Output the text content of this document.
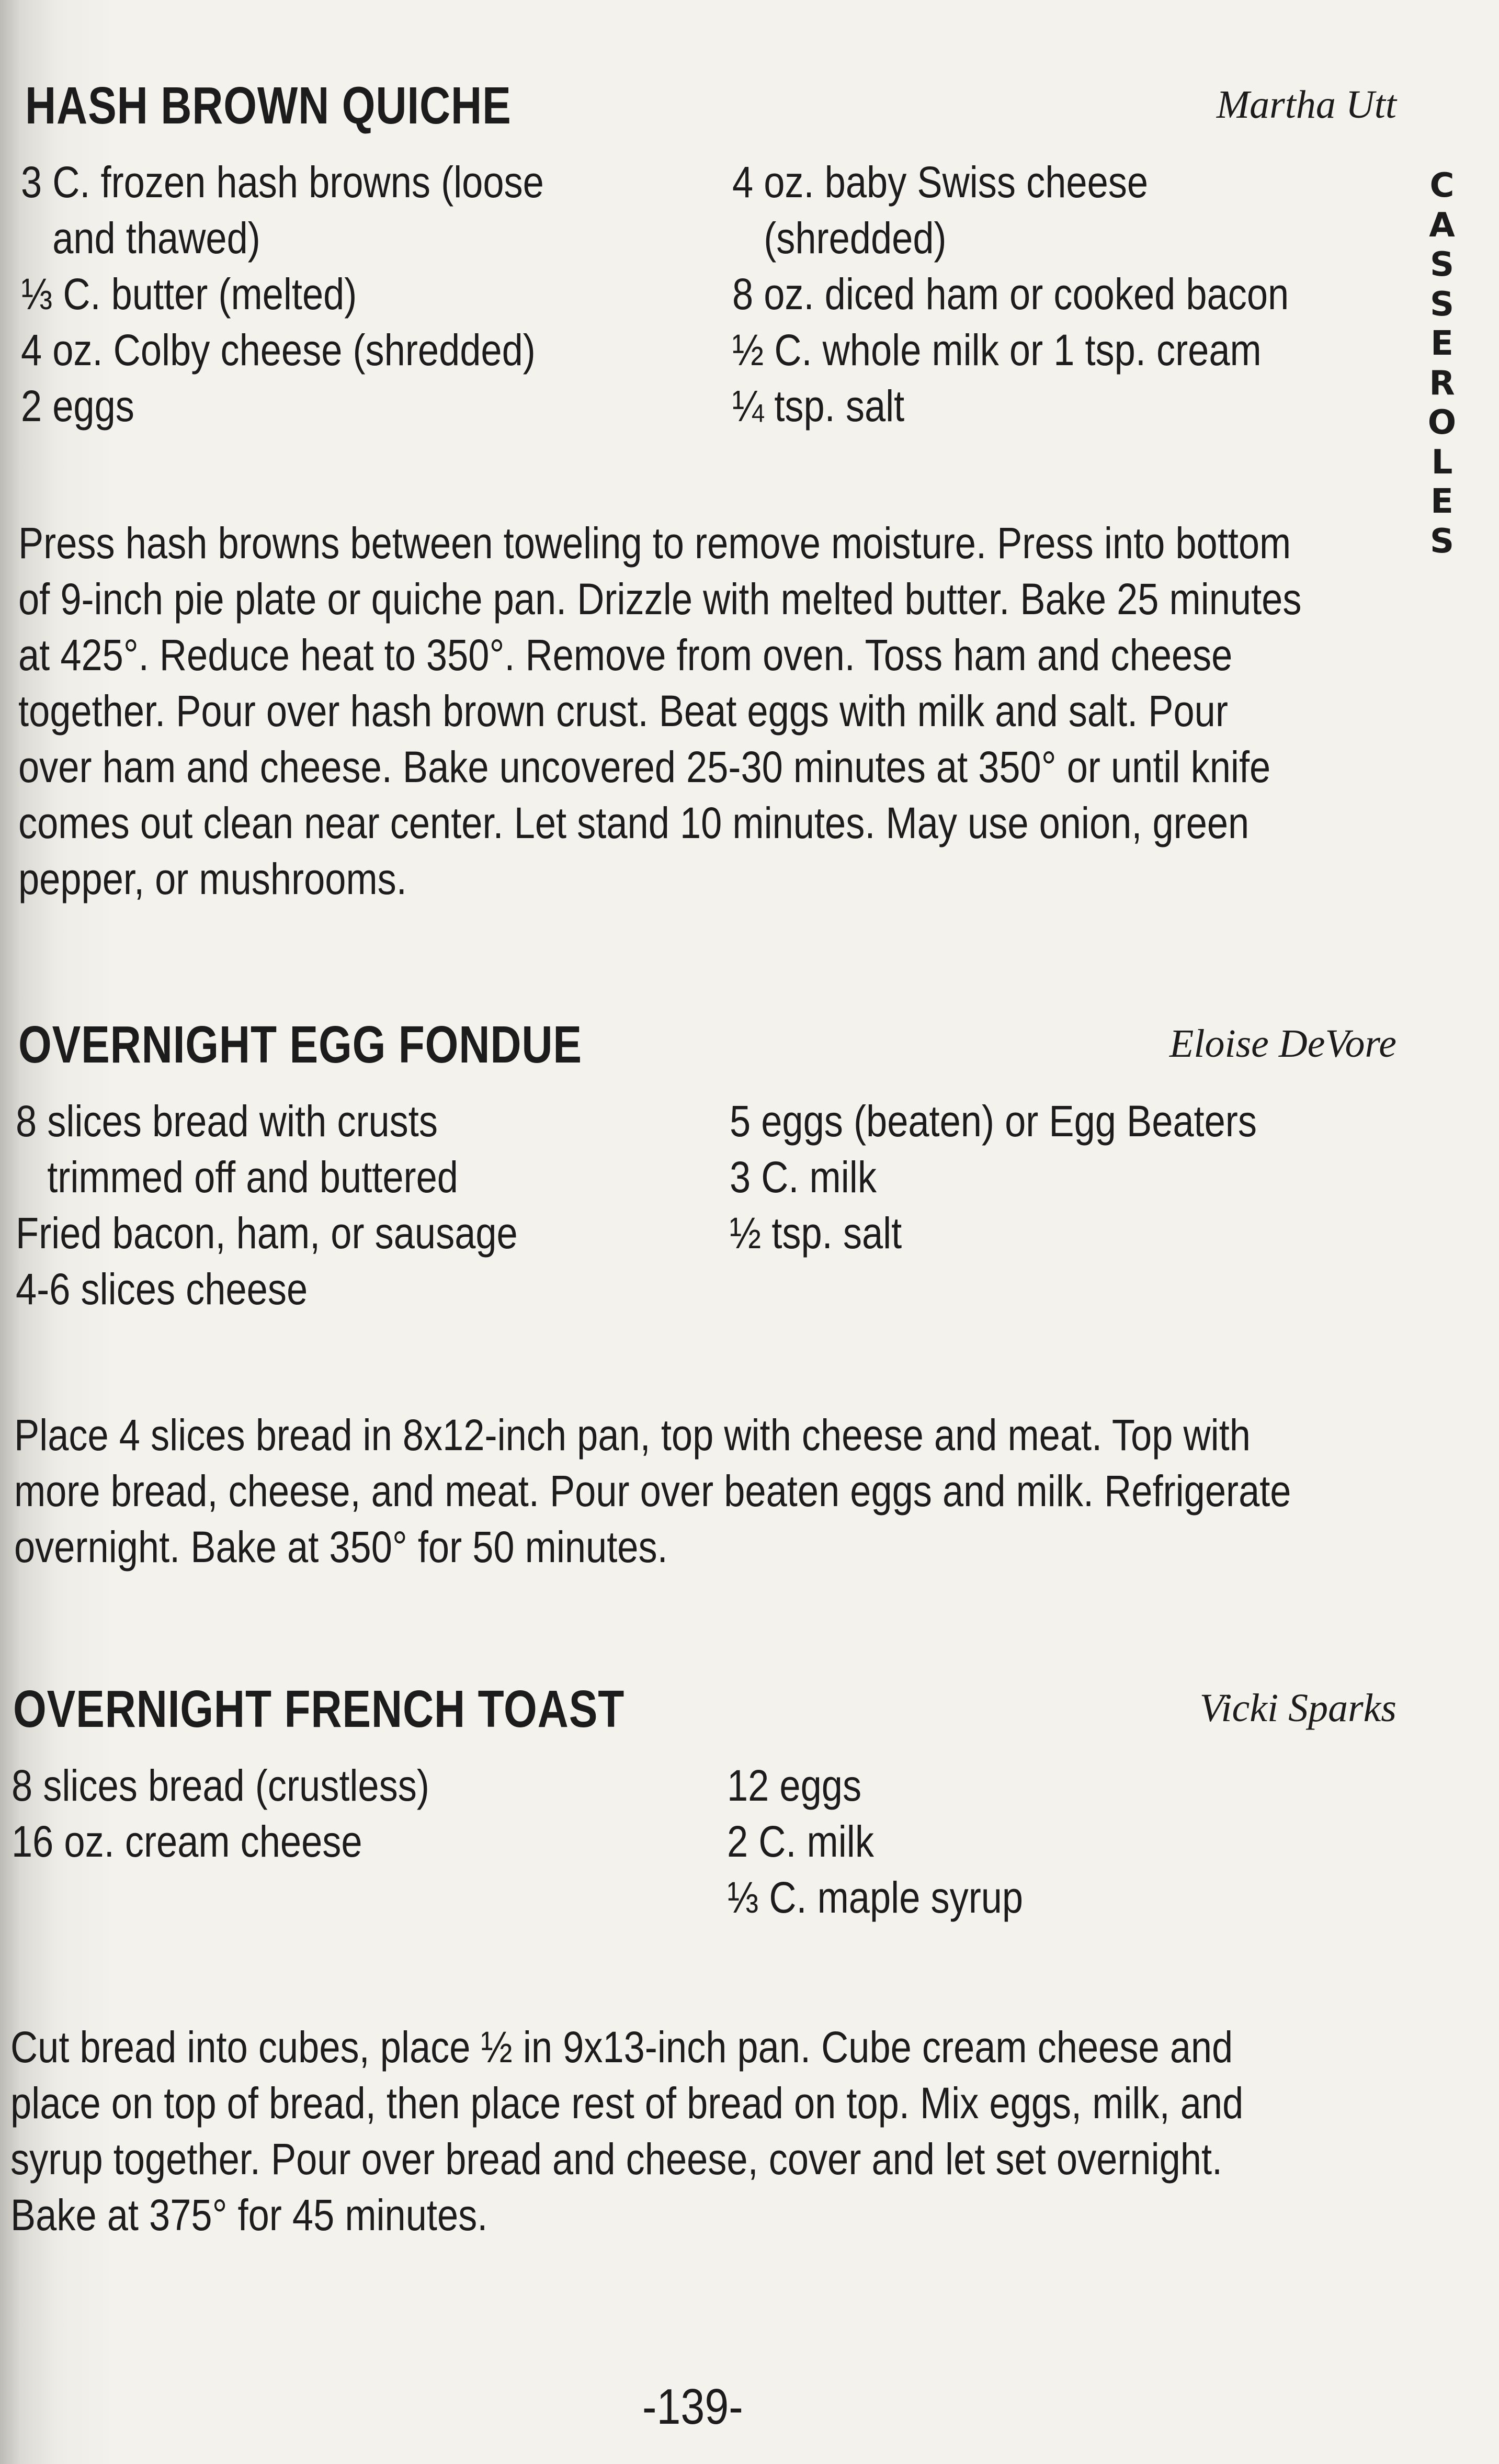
C
A
S
S
E
R
O
L
E
S
HASH BROWN QUICHE	Martha Utt
3 C. frozen hash browns (loose
and thawed)
⅓ C. butter (melted)
4 oz. Colby cheese (shredded)
2 eggs
4 oz. baby Swiss cheese
(shredded)
8 oz. diced ham or cooked bacon
½ C. whole milk or 1 tsp. cream
¼ tsp. salt
Press hash browns between toweling to remove moisture. Press into bottom
of 9-inch pie plate or quiche pan. Drizzle with melted butter. Bake 25 minutes
at 425°. Reduce heat to 350°. Remove from oven. Toss ham and cheese
together. Pour over hash brown crust. Beat eggs with milk and salt. Pour
over ham and cheese. Bake uncovered 25-30 minutes at 350° or until knife
comes out clean near center. Let stand 10 minutes. May use onion, green
pepper, or mushrooms.
OVERNIGHT EGG FONDUE	Eloise DeVore
8 slices bread with crusts
trimmed off and buttered
Fried bacon, ham, or sausage
4-6 slices cheese
5 eggs (beaten) or Egg Beaters
3 C. milk
½ tsp. salt
Place 4 slices bread in 8x12-inch pan, top with cheese and meat. Top with
more bread, cheese, and meat. Pour over beaten eggs and milk. Refrigerate
overnight. Bake at 350° for 50 minutes.
OVERNIGHT FRENCH TOAST	Vicki Sparks
8 slices bread (crustless)
16 oz. cream cheese
12 eggs
2 C. milk
⅓ C. maple syrup
Cut bread into cubes, place ½ in 9x13-inch pan. Cube cream cheese and
place on top of bread, then place rest of bread on top. Mix eggs, milk, and
syrup together. Pour over bread and cheese, cover and let set overnight.
Bake at 375° for 45 minutes.
-139-
